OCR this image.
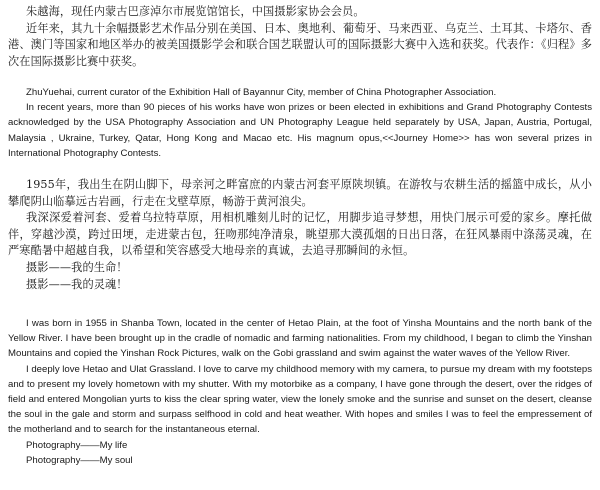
朱越海，现任内蒙古巴彦淖尔市展览馆馆长，中国摄影家协会会员。

近年来，其九十余幅摄影艺术作品分别在美国、日本、奥地利、葡萄牙、马来西亚、乌克兰、土耳其、卡塔尔、香港、澳门等国家和地区举办的被美国摄影学会和联合国艺联盟认可的国际摄影大赛中入选和获奖。代表作：《归程》多次在国际摄影比赛中获奖。

ZhuYuehai, current curator of the Exhibition Hall of Bayannur City, member of China Photographer Association.

In recent years, more than 90 pieces of his works have won prizes or been elected in exhibitions and Grand Photography Contests acknowledged by the USA Photography Association and UN Photography League held separately by USA, Japan, Austria, Portugal, Malaysia , Ukraine, Turkey, Qatar, Hong Kong and Macao etc. His magnum opus,<<Journey Home>> has won several prizes in International Photography Contests.

1955年，我出生在阴山脚下，母亲河之畔富庶的内蒙古河套平原陕坝镇。在游牧与农耕生活的摇篮中成长，从小攀爬阴山临摹远古岩画，行走在戈壁草原，畅游于黄河浪尖。

我深深爱着河套、爱着乌拉特草原，用相机雕刻儿时的记忆，用脚步追寻梦想，用快门展示可爱的家乡。摩托做伴，穿越沙漠，跨过田埂，走进蒙古包，狂吻那纯净清泉，眺望那大漠孤烟的日出日落，在狂风暴雨中涤荡灵魂，在严寒酷暑中超越自我，以希望和笑容感受大地母亲的真诚，去追寻那瞬间的永恒。

摄影——我的生命！

摄影——我的灵魂！

I was born in 1955 in Shanba Town, located in the center of Hetao Plain, at the foot of Yinsha Mountains and the north bank of the Yellow River. I have been brought up in the cradle of nomadic and farming nationalities. From my childhood, I began to climb the Yinshan Mountains and copied the Yinshan Rock Pictures, walk on the Gobi grassland and swim against the water waves of the Yellow River.

I deeply love Hetao and Ulat Grassland. I love to carve my childhood memory with my camera, to pursue my dream with my footsteps and to present my lovely hometown with my shutter. With my motorbike as a company, I have gone through the desert, over the ridges of field and entered Mongolian yurts to kiss the clear spring water, view the lonely smoke and the sunrise and sunset on the desert, cleanse the soul in the gale and storm and surpass selfhood in cold and heat weather. With hopes and smiles I was to feel the empressement of the motherland and to search for the instantaneous eternal.

Photography——My life

Photography——My soul
